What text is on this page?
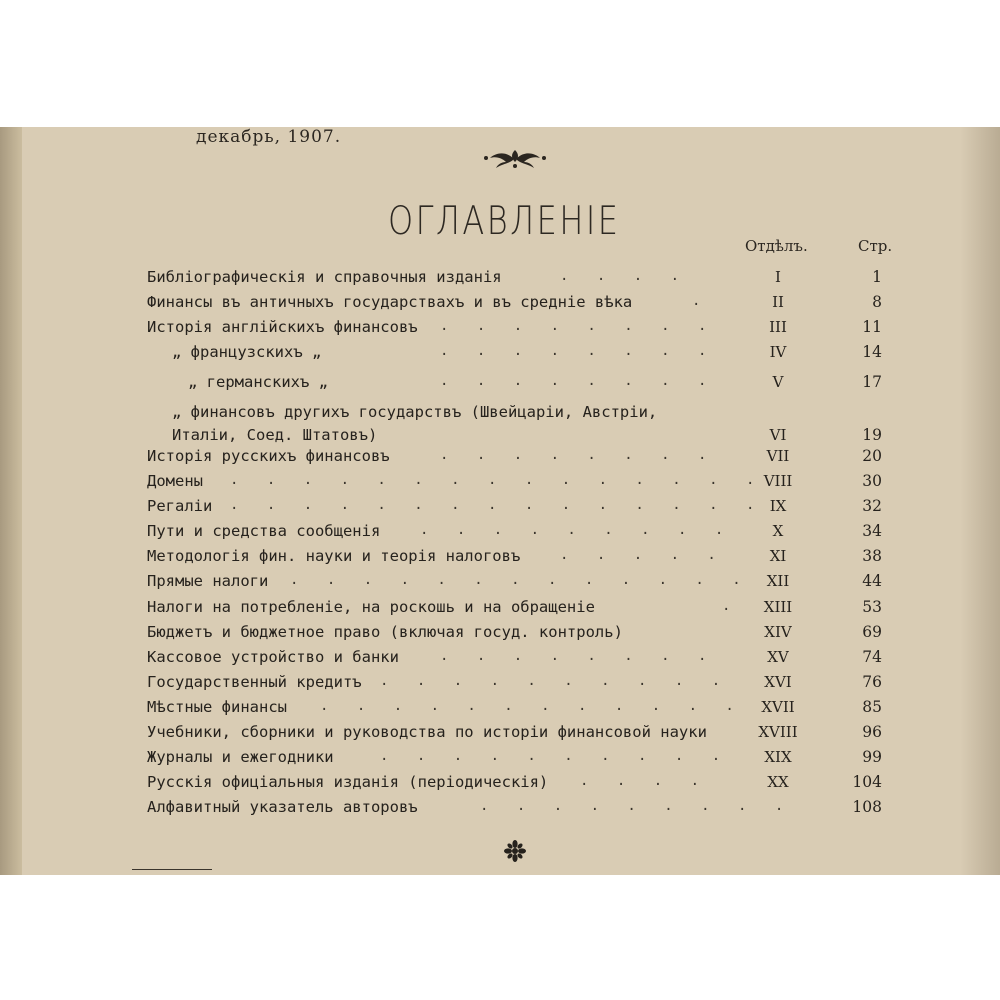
декабрь, 1907.
ОГЛАВЛЕНІЕ
Отдѣлъ.	Стр.
Библіографическія и справочныя изданія	. . . .	I	1
Финансы въ античныхъ государствахъ и въ средніе вѣка	.	II	8
Исторія англійскихъ финансовъ . . . . . . . .	III	11
„ французскихъ „	. . . . . . . .	IV	14
„ германскихъ „	. . . . . . . .	V	17
„ финансовъ другихъ государствъ (Швейцаріи, Австріи,
Италіи, Соед. Штатовъ)	VI	19
Исторія русскихъ финансовъ	. . . . . . . .	VII	20
Домены . . . . . . . . . . . . . . . VIII	30
Регаліи . . . . . . . . . . . . . . . IX	32
Пути и средства сообщенія	. . . . . . . . .	X	34
Методологія фин. науки и теорія налоговъ	. . . . .	XI	38
Прямые налоги . . . . . . . . . . . . .	XII	44
Налоги на потребленіе, на роскошь и на обращеніе	.	XIII	53
Бюджетъ и бюджетное право (включая госуд. контроль)	XIV	69
Кассовое устройство и банки	. . . . . . . .	XV	74
Государственный кредитъ . . . . . . . . . .	XVI	76
Мѣстные финансы . . . . . . . . . . . .	XVII	85
Учебники, сборники и руководства по исторіи финансовой науки	XVIII	96
Журналы и ежегодники	. . . . . . . . . .	XIX	99
Русскія офиціальныя изданія (періодическія) . . . .	XX	104
Алфавитный указатель авторовъ	. . . . . . . . .	108
